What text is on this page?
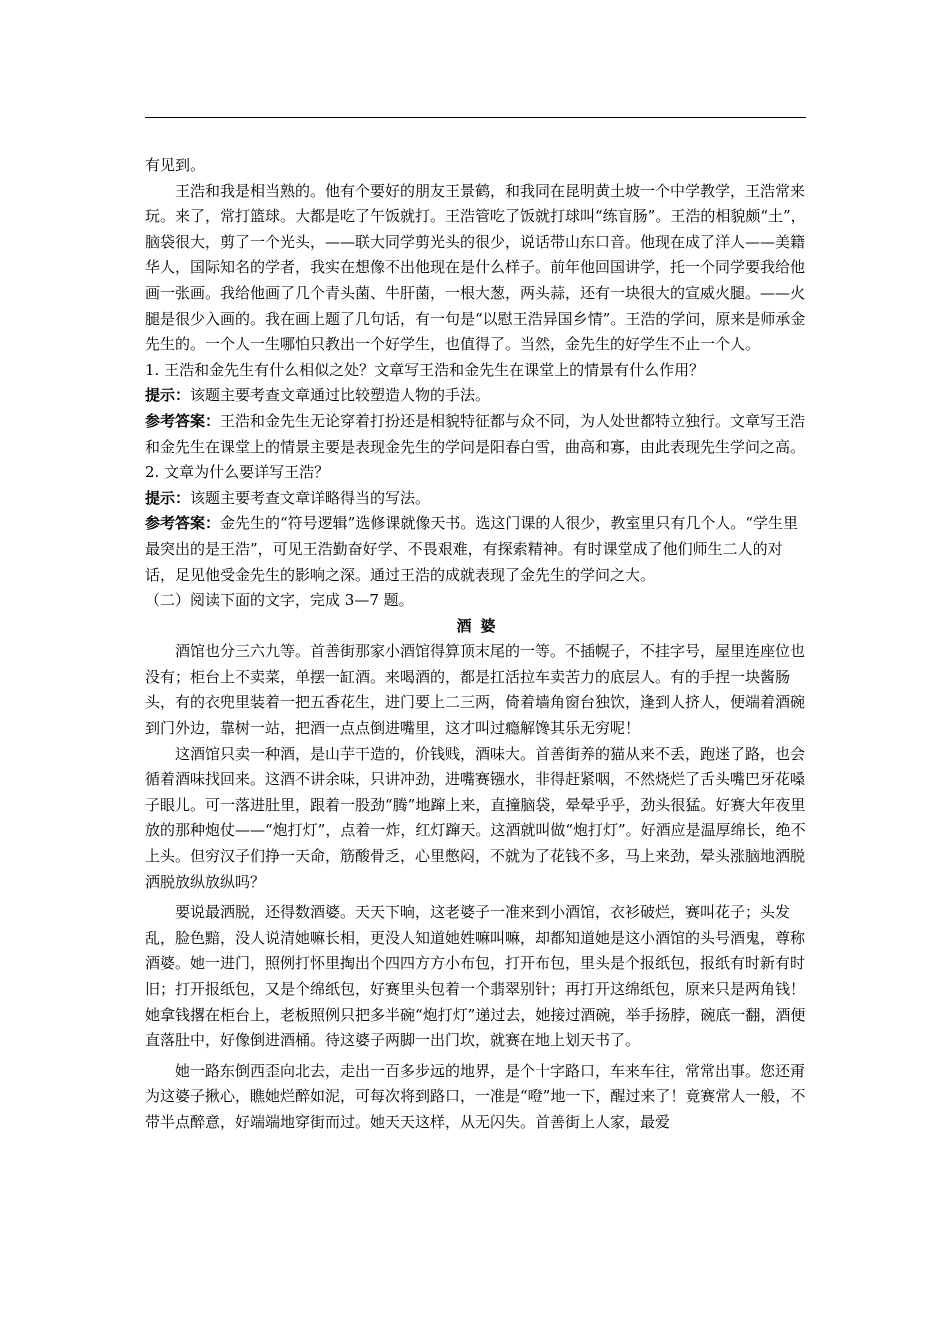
有见到。

王浩和我是相当熟的。他有个要好的朋友王景鹤，和我同在昆明黄土坡一个中学教学，王浩常来玩。来了，常打篮球。大都是吃了午饭就打。王浩管吃了饭就打球叫“练盲肠”。王浩的相貌颇“土”，脑袋很大，剪了一个光头，——联大同学剪光头的很少，说话带山东口音。他现在成了洋人——美籍华人，国际知名的学者，我实在想像不出他现在是什么样子。前年他回国讲学，托一个同学要我给他画一张画。我给他画了几个青头菌、牛肝菌，一根大葱，两头蒜，还有一块很大的宣威火腿。——火腿是很少入画的。我在画上题了几句话，有一句是“以慰王浩异国乡情”。王浩的学问，原来是师承金先生的。一个人一生哪怕只教出一个好学生，也值得了。当然，金先生的好学生不止一个人。

1. 王浩和金先生有什么相似之处？文章写王浩和金先生在课堂上的情景有什么作用？

提示：该题主要考查文章通过比较塑造人物的手法。

参考答案：王浩和金先生无论穿着打扮还是相貌特征都与众不同，为人处世都特立独行。文章写王浩和金先生在课堂上的情景主要是表现金先生的学问是阳春白雪，曲高和寡，由此表现先生学问之高。

2. 文章为什么要详写王浩？

提示：该题主要考查文章详略得当的写法。

参考答案：金先生的“符号逻辑”选修课就像天书。选这门课的人很少，教室里只有几个人。“学生里最突出的是王浩”，可见王浩勤奋好学、不畏艰难，有探索精神。有时课堂成了他们师生二人的对话，足见他受金先生的影响之深。通过王浩的成就表现了金先生的学问之大。

（二）阅读下面的文字，完成 3—7 题。

酒婆

酒馆也分三六九等。首善街那家小酒馆得算顶末尾的一等。不插幌子，不挂字号，屋里连座位也没有；柜台上不卖菜，单摆一缸酒。来喝酒的，都是扛活拉车卖苦力的底层人。有的手捏一块酱肠头，有的衣兜里装着一把五香花生，进门要上二三两，倚着墙角窗台独饮，逢到人挤人，便端着酒碗到门外边，靠树一站，把酒一点点倒进嘴里，这才叫过瘾解馋其乐无穷呢！

这酒馆只卖一种酒，是山芋干造的，价钱贱，酒味大。首善街养的猫从来不丢，跑迷了路，也会循着酒味找回来。这酒不讲余味，只讲冲劲，进嘴赛镪水，非得赶紧咽，不然烧烂了舌头嘴巴牙花嗓子眼儿。可一落进肚里，跟着一股劲“腾”地蹿上来，直撞脑袋，晕晕乎乎，劲头很猛。好赛大年夜里放的那种炮仗——“炮打灯”，点着一炸，红灯蹿天。这酒就叫做“炮打灯”。好酒应是温厚绵长，绝不上头。但穷汉子们挣一天命，筋酸骨乏，心里憋闷，不就为了花钱不多，马上来劲，晕头涨脑地洒脱洒脱放纵放纵吗？

要说最洒脱，还得数酒婆。天天下晌，这老婆子一准来到小酒馆，衣衫破烂，赛叫花子；头发乱，脸色黯，没人说清她嘛长相，更没人知道她姓嘛叫嘛，却都知道她是这小酒馆的头号酒鬼，尊称酒婆。她一进门，照例打怀里掏出个四四方方小布包，打开布包，里头是个报纸包，报纸有时新有时旧；打开报纸包，又是个绵纸包，好赛里头包着一个翡翠别针；再打开这绵纸包，原来只是两角钱！她拿钱撂在柜台上，老板照例只把多半碗“炮打灯”递过去，她接过酒碗，举手扬脖，碗底一翻，酒便直落肚中，好像倒进酒桶。待这婆子两脚一出门坎，就赛在地上划天书了。

她一路东倒西歪向北去，走出一百多步远的地界，是个十字路口，车来车往，常常出事。您还甭为这婆子揪心，瞧她烂醉如泥，可每次将到路口，一准是“噔”地一下，醒过来了！竟赛常人一般，不带半点醉意，好端端地穿街而过。她天天这样，从无闪失。首善街上人家，最爱
